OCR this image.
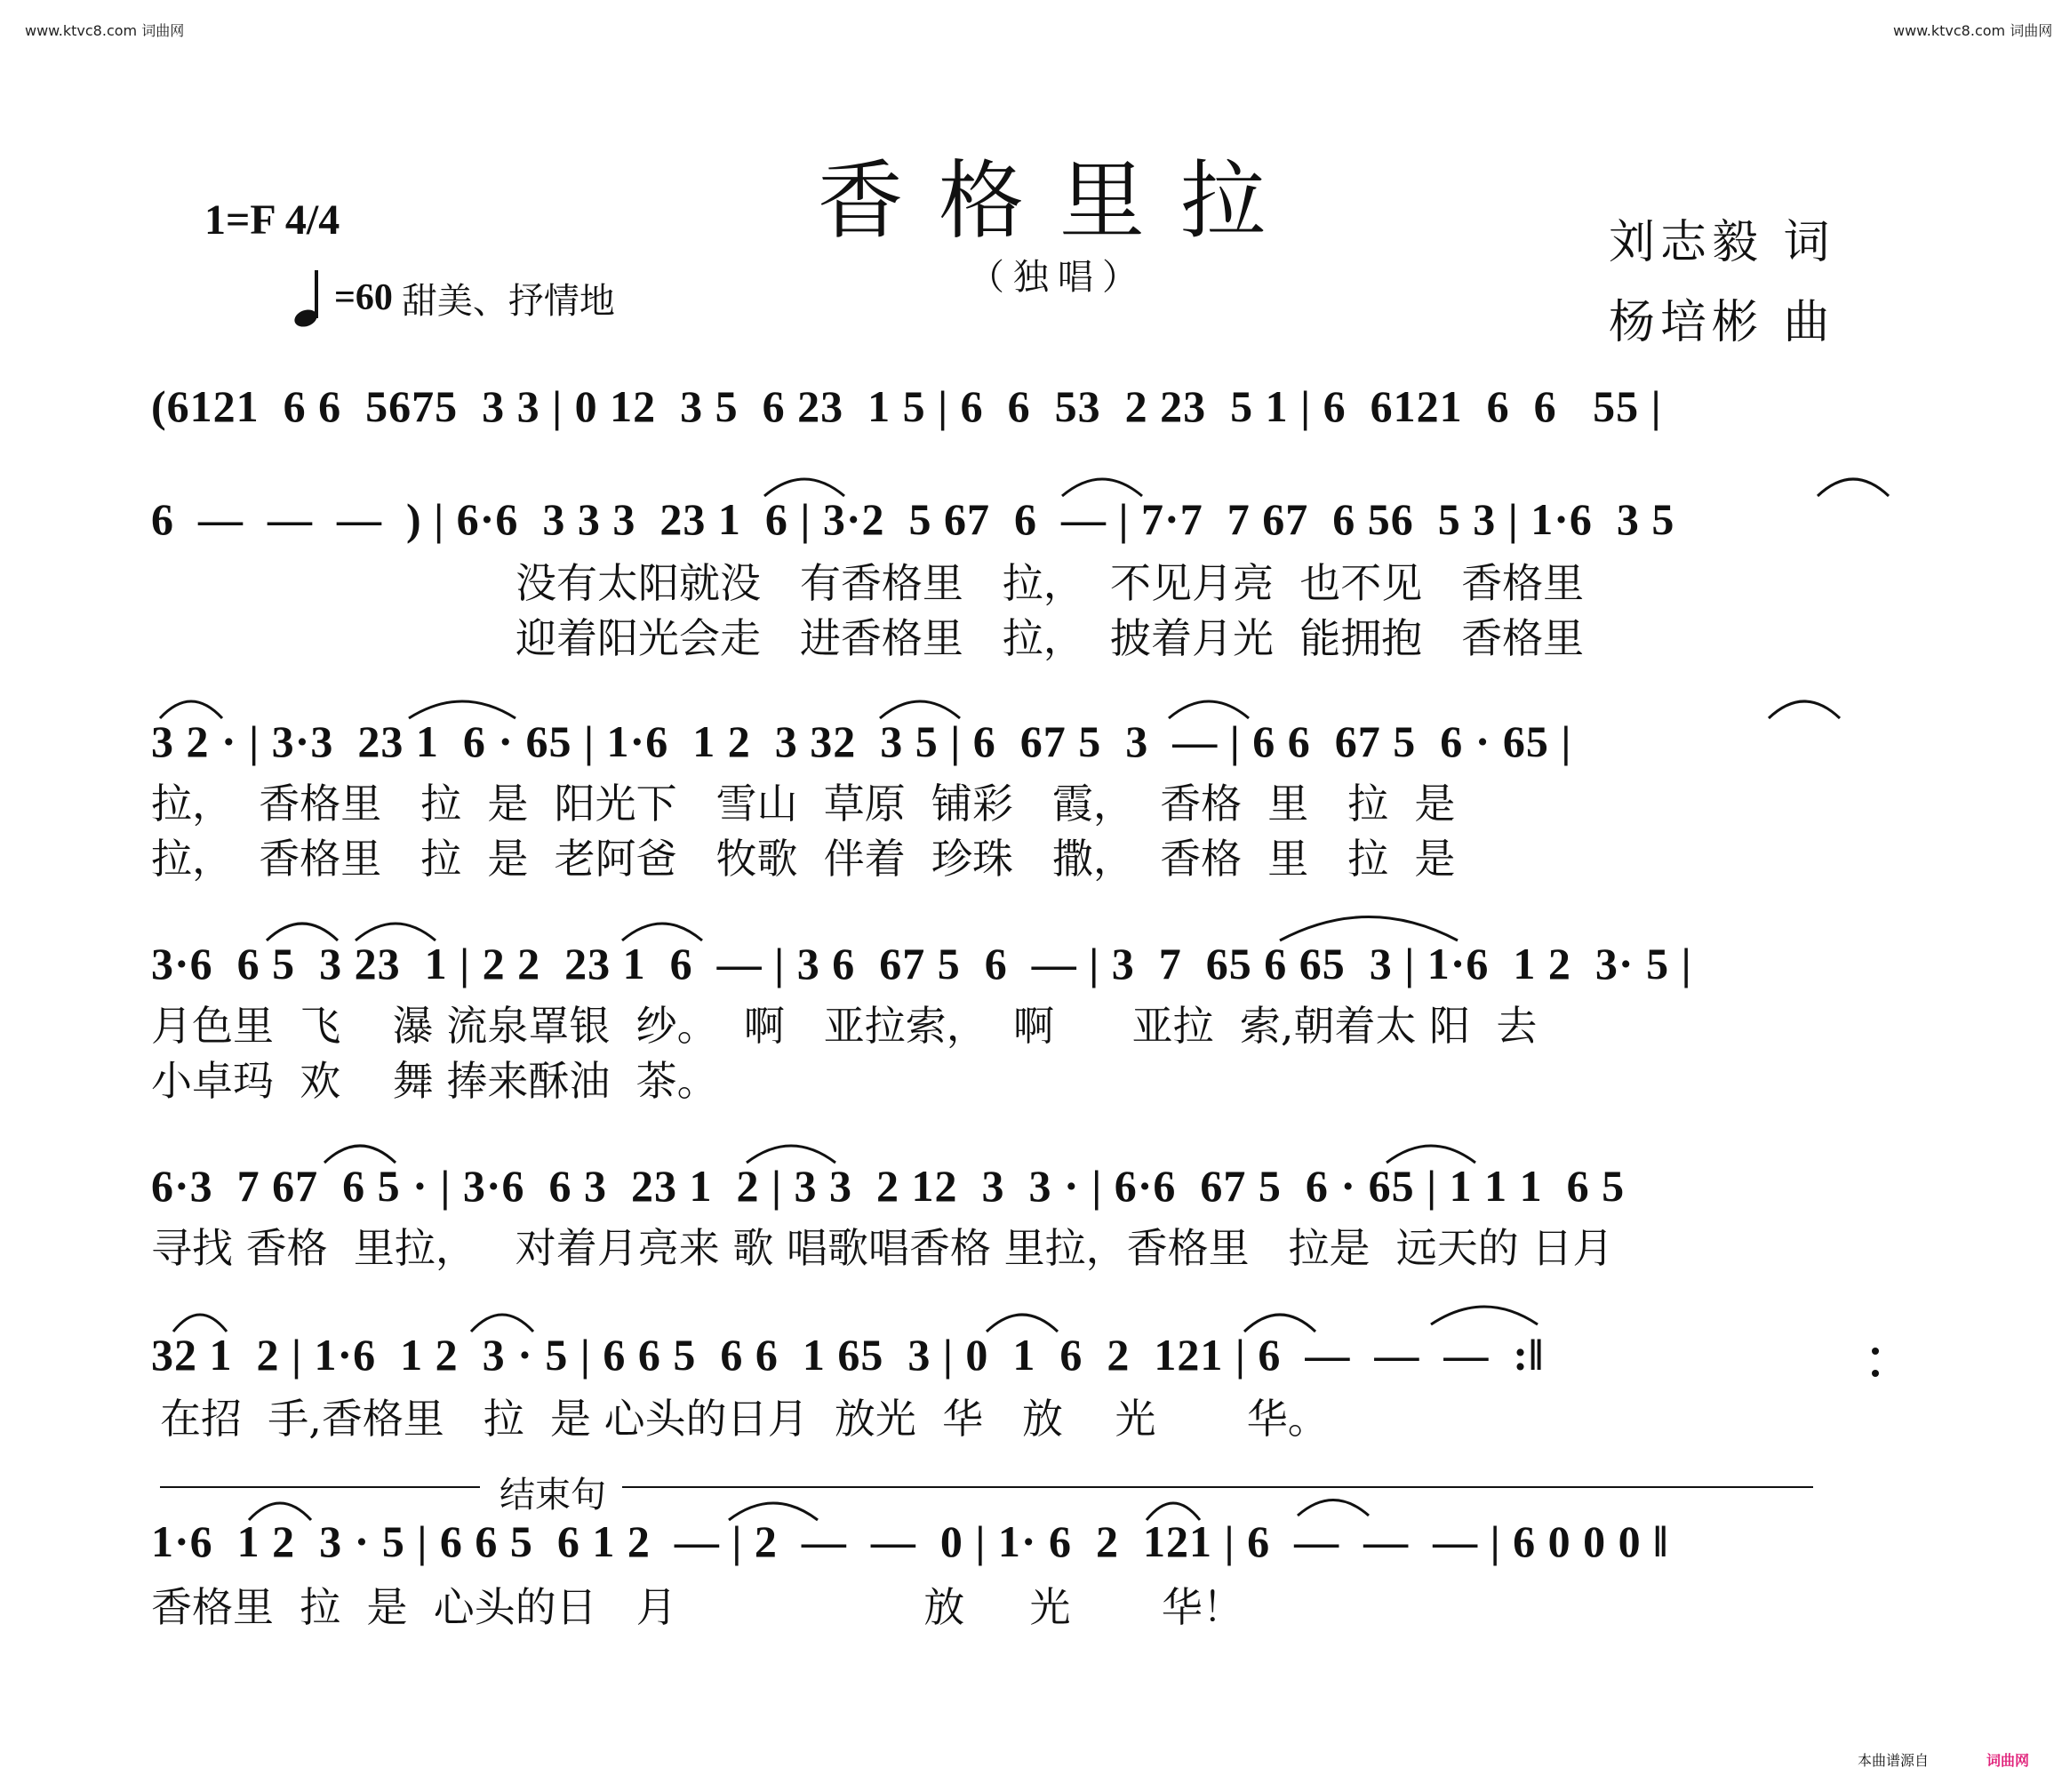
www.ktvc8.com 词曲网	www.ktvc8.com 词曲网
香格里拉
（独唱）
1=F 4/4
=60 甜美、抒情地
刘志毅 词
杨培彬 曲
(6121  6 6  5675  3 3 | 0 12  3 5  6 23  1 5 | 6  6  53  2 23  5 1 | 6  6121  6  6   55 |
6  —  —  —  ) | 6·6  3 3 3  23 1  6 | 3·2  5 67  6  — | 7·7  7 67  6 56  5 3 | 1·6  3 5
没有太阳就没   有香格里   拉，  不见月亮  也不见   香格里
迎着阳光会走   进香格里   拉，  披着月光  能拥抱   香格里
3 2 · | 3·3  23 1  6 · 65 | 1·6  1 2  3 32  3 5 | 6  67 5  3  — | 6 6  67 5  6 · 65 |
拉，  香格里   拉  是  阳光下   雪山  草原  铺彩   霞，  香格  里   拉  是
拉，  香格里   拉  是  老阿爸   牧歌  伴着  珍珠   撒，  香格  里   拉  是
3·6  6 5  3 23  1 | 2 2  23 1  6  — | 3 6  67 5  6  — | 3  7  65 6 65  3 | 1·6  1 2  3· 5 |
月色里  飞    瀑 流泉罩银  纱。  啊   亚拉索，  啊      亚拉  索,朝着太 阳  去
小卓玛  欢    舞 捧来酥油  茶。
6·3  7 67  6 5 · | 3·6  6 3  23 1  2 | 3 3  2 12  3  3 · | 6·6  67 5  6 · 65 | 1 1 1  6 5
寻找 香格  里拉，   对着月亮来 歌 唱歌唱香格 里拉，香格里   拉是  远天的 日月
32 1  2 | 1·6  1 2  3 · 5 | 6 6 5  6 6  1 65  3 | 0  1  6  2  121 | 6  —  —  —  :‖
在招  手,香格里   拉  是 心头的日月  放光  华   放    光       华。
结束句
1·6  1 2  3 · 5 | 6 6 5  6 1 2  — | 2  —  —  0 | 1· 6  2  121 | 6  —  —  — | 6 0 0 0 ‖
香格里  拉  是  心头的日   月                   放     光       华！
本曲谱源自	词曲网
